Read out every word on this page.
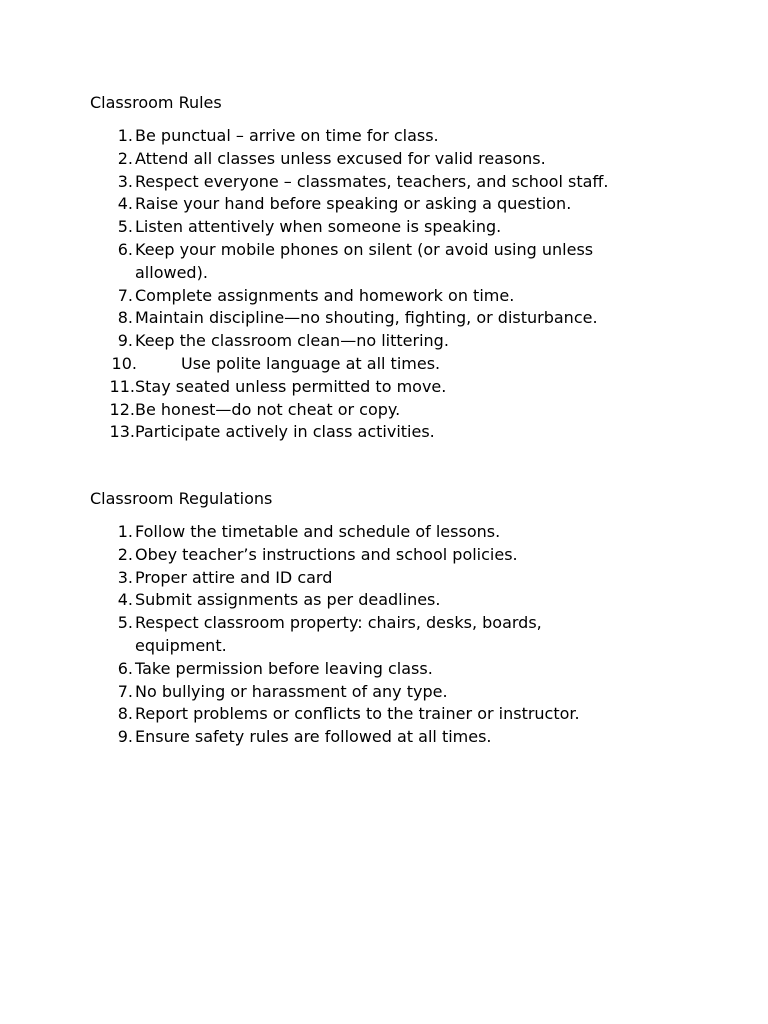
Classroom Rules
1. Be punctual – arrive on time for class.
2. Attend all classes unless excused for valid reasons.
3. Respect everyone – classmates, teachers, and school staff.
4. Raise your hand before speaking or asking a question.
5. Listen attentively when someone is speaking.
6. Keep your mobile phones on silent (or avoid using unless allowed).
7. Complete assignments and homework on time.
8. Maintain discipline—no shouting, fighting, or disturbance.
9. Keep the classroom clean—no littering.
10.	Use polite language at all times.
11. Stay seated unless permitted to move.
12. Be honest—do not cheat or copy.
13. Participate actively in class activities.
Classroom Regulations
1. Follow the timetable and schedule of lessons.
2. Obey teacher’s instructions and school policies.
3. Proper attire and ID card
4. Submit assignments as per deadlines.
5. Respect classroom property: chairs, desks, boards, equipment.
6. Take permission before leaving class.
7. No bullying or harassment of any type.
8. Report problems or conflicts to the trainer or instructor.
9. Ensure safety rules are followed at all times.
